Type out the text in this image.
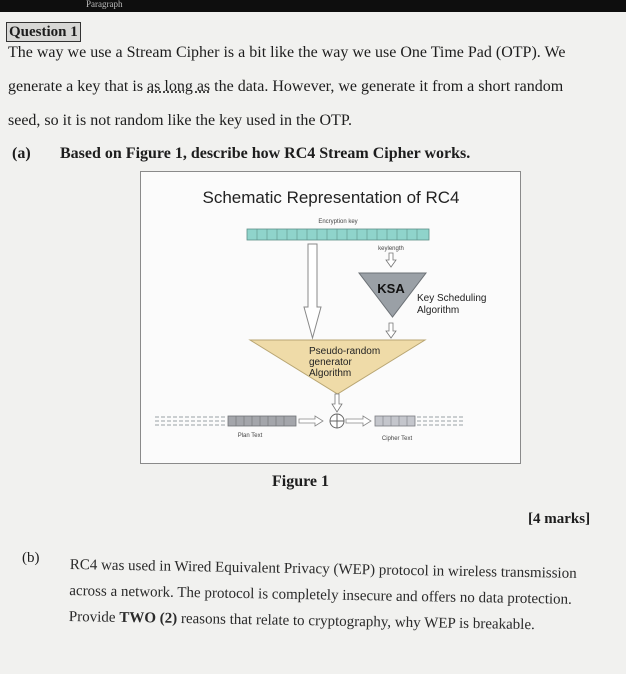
Paragraph
Question 1
The way we use a Stream Cipher is a bit like the way we use One Time Pad (OTP). We
generate a key that is as long as the data. However, we generate it from a short random
seed, so it is not random like the key used in the OTP.
(a) Based on Figure 1, describe how RC4 Stream Cipher works.
Schematic Representation of RC4
Encryption key
keylength
KSA
Key Scheduling
Algorithm
Pseudo-random
generator
Algorithm
Plan Text	Cipher Text
Figure 1
[4 marks]
(b) RC4 was used in Wired Equivalent Privacy (WEP) protocol in wireless transmission across a network. The protocol is completely insecure and offers no data protection. Provide TWO (2) reasons that relate to cryptography, why WEP is breakable.
